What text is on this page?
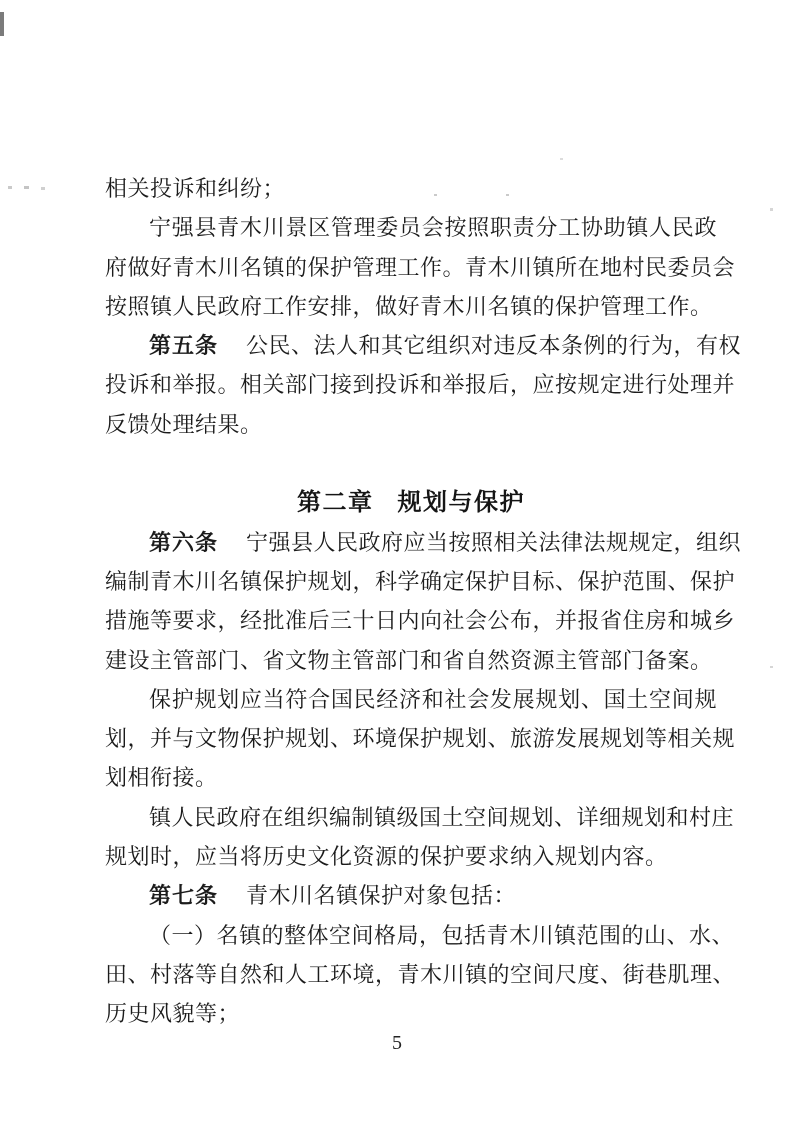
相关投诉和纠纷；
宁强县青木川景区管理委员会按照职责分工协助镇人民政
府做好青木川名镇的保护管理工作。青木川镇所在地村民委员会
按照镇人民政府工作安排，做好青木川名镇的保护管理工作。
第五条 公民、法人和其它组织对违反本条例的行为，有权
投诉和举报。相关部门接到投诉和举报后，应按规定进行处理并
反馈处理结果。
第二章 规划与保护
第六条 宁强县人民政府应当按照相关法律法规规定，组织
编制青木川名镇保护规划，科学确定保护目标、保护范围、保护
措施等要求，经批准后三十日内向社会公布，并报省住房和城乡
建设主管部门、省文物主管部门和省自然资源主管部门备案。
保护规划应当符合国民经济和社会发展规划、国土空间规
划，并与文物保护规划、环境保护规划、旅游发展规划等相关规
划相衔接。
镇人民政府在组织编制镇级国土空间规划、详细规划和村庄
规划时，应当将历史文化资源的保护要求纳入规划内容。
第七条 青木川名镇保护对象包括：
（一）名镇的整体空间格局，包括青木川镇范围的山、水、
田、村落等自然和人工环境，青木川镇的空间尺度、街巷肌理、
历史风貌等；
5
